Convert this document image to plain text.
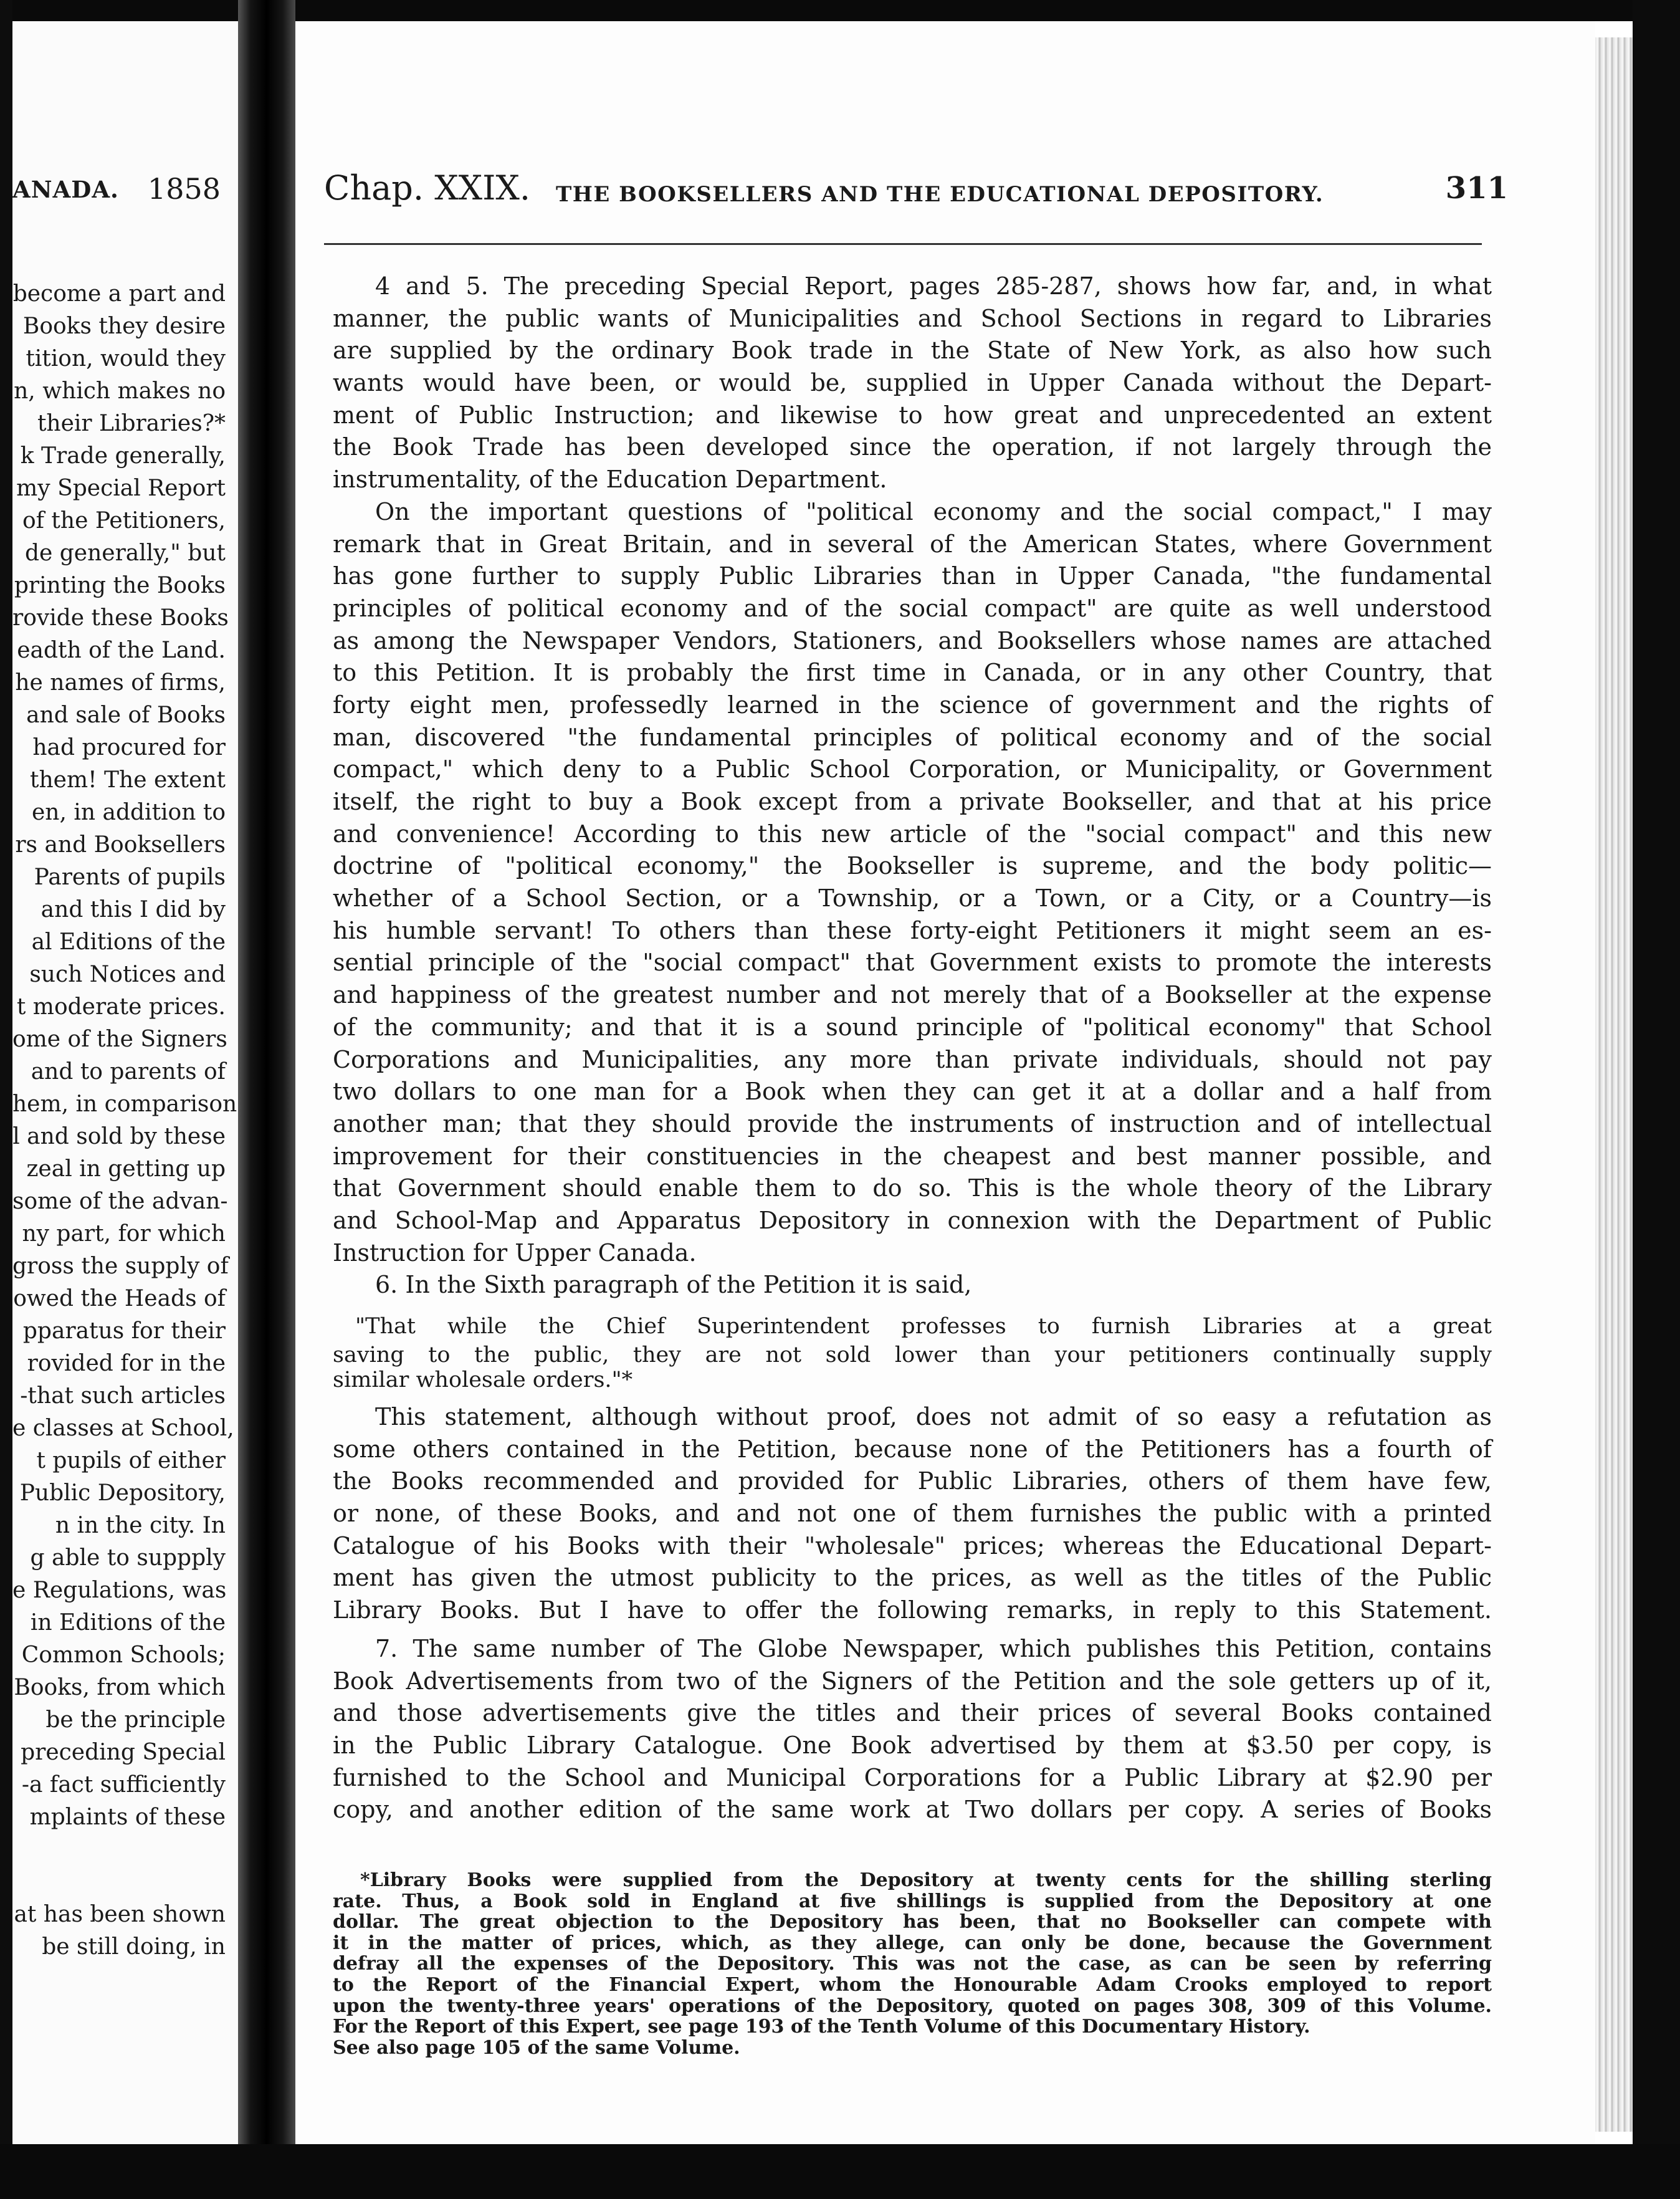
ANADA. 1858
become a part and
Books they desire
tition, would they
n, which makes no
their Libraries?*
k Trade generally,
my Special Report
of the Petitioners,
de generally," but
printing the Books
rovide these Books
eadth of the Land.
he names of firms,
and sale of Books
had procured for
them! The extent
en, in addition to
rs and Booksellers
Parents of pupils
and this I did by
al Editions of the
such Notices and
t moderate prices.
ome of the Signers
and to parents of
hem, in comparison
l and sold by these
zeal in getting up
some of the advan-
ny part, for which
gross the supply of
owed the Heads of
pparatus for their
rovided for in the
-that such articles
e classes at School,
t pupils of either
Public Depository,
n in the city. In
g able to suppply
e Regulations, was
in Editions of the
Common Schools;
Books, from which
be the principle
preceding Special
-a fact sufficiently
mplaints of these
at has been shown
be still doing, in
Chap. XXIX. THE BOOKSELLERS AND THE EDUCATIONAL DEPOSITORY.	311
4 and 5. The preceding Special Report, pages 285-287, shows how far, and, in what
manner, the public wants of Municipalities and School Sections in regard to Libraries
are supplied by the ordinary Book trade in the State of New York, as also how such
wants would have been, or would be, supplied in Upper Canada without the Depart-
ment of Public Instruction; and likewise to how great and unprecedented an extent
the Book Trade has been developed since the operation, if not largely through the
instrumentality, of the Education Department.
On the important questions of "political economy and the social compact," I may
remark that in Great Britain, and in several of the American States, where Government
has gone further to supply Public Libraries than in Upper Canada, "the fundamental
principles of political economy and of the social compact" are quite as well understood
as among the Newspaper Vendors, Stationers, and Booksellers whose names are attached
to this Petition. It is probably the first time in Canada, or in any other Country, that
forty eight men, professedly learned in the science of government and the rights of
man, discovered "the fundamental principles of political economy and of the social
compact," which deny to a Public School Corporation, or Municipality, or Government
itself, the right to buy a Book except from a private Bookseller, and that at his price
and convenience! According to this new article of the "social compact" and this new
doctrine of "political economy," the Bookseller is supreme, and the body politic—
whether of a School Section, or a Township, or a Town, or a City, or a Country—is
his humble servant! To others than these forty-eight Petitioners it might seem an es-
sential principle of the "social compact" that Government exists to promote the interests
and happiness of the greatest number and not merely that of a Bookseller at the expense
of the community; and that it is a sound principle of "political economy" that School
Corporations and Municipalities, any more than private individuals, should not pay
two dollars to one man for a Book when they can get it at a dollar and a half from
another man; that they should provide the instruments of instruction and of intellectual
improvement for their constituencies in the cheapest and best manner possible, and
that Government should enable them to do so. This is the whole theory of the Library
and School-Map and Apparatus Depository in connexion with the Department of Public
Instruction for Upper Canada.
6. In the Sixth paragraph of the Petition it is said,
"That while the Chief Superintendent professes to furnish Libraries at a great
saving to the public, they are not sold lower than your petitioners continually supply
similar wholesale orders."*
This statement, although without proof, does not admit of so easy a refutation as
some others contained in the Petition, because none of the Petitioners has a fourth of
the Books recommended and provided for Public Libraries, others of them have few,
or none, of these Books, and and not one of them furnishes the public with a printed
Catalogue of his Books with their "wholesale" prices; whereas the Educational Depart-
ment has given the utmost publicity to the prices, as well as the titles of the Public
Library Books. But I have to offer the following remarks, in reply to this Statement.
7. The same number of The Globe Newspaper, which publishes this Petition, contains
Book Advertisements from two of the Signers of the Petition and the sole getters up of it,
and those advertisements give the titles and their prices of several Books contained
in the Public Library Catalogue. One Book advertised by them at $3.50 per copy, is
furnished to the School and Municipal Corporations for a Public Library at $2.90 per
copy, and another edition of the same work at Two dollars per copy. A series of Books
*Library Books were supplied from the Depository at twenty cents for the shilling sterling
rate. Thus, a Book sold in England at five shillings is supplied from the Depository at one
dollar. The great objection to the Depository has been, that no Bookseller can compete with
it in the matter of prices, which, as they allege, can only be done, because the Government
defray all the expenses of the Depository. This was not the case, as can be seen by referring
to the Report of the Financial Expert, whom the Honourable Adam Crooks employed to report
upon the twenty-three years' operations of the Depository, quoted on pages 308, 309 of this Volume.
For the Report of this Expert, see page 193 of the Tenth Volume of this Documentary History.
See also page 105 of the same Volume.
